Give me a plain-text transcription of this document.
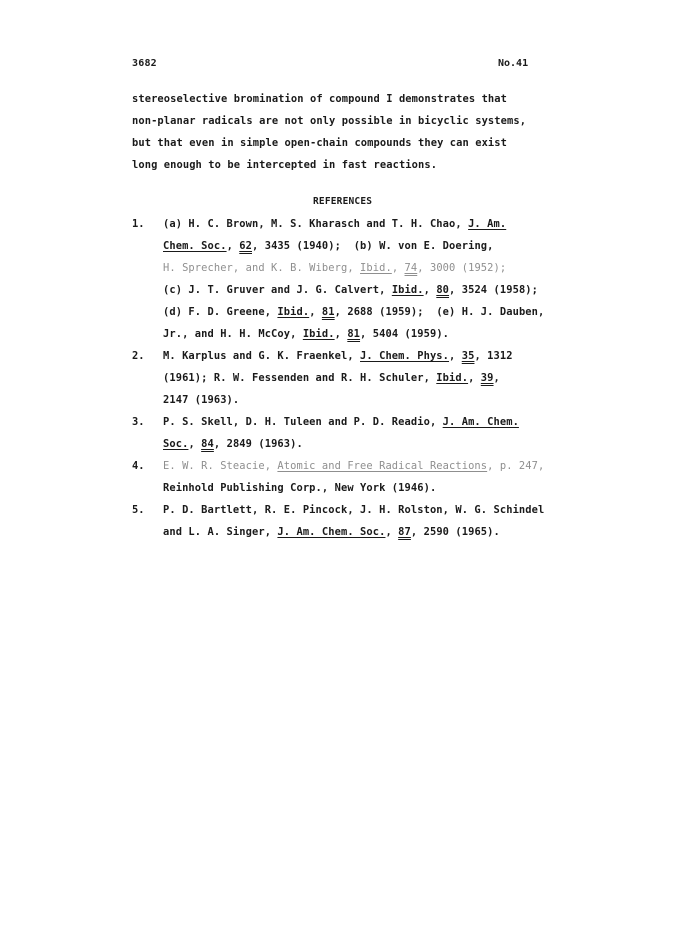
3682	No.41
stereoselective bromination of compound I demonstrates that
non-planar radicals are not only possible in bicyclic systems,
but that even in simple open-chain compounds they can exist
long enough to be intercepted in fast reactions.
REFERENCES
1. (a) H. C. Brown, M. S. Kharasch and T. H. Chao, J. Am.
Chem. Soc., 62, 3435 (1940);  (b) W. von E. Doering,
H. Sprecher, and K. B. Wiberg, Ibid., 74, 3000 (1952);
(c) J. T. Gruver and J. G. Calvert, Ibid., 80, 3524 (1958);
(d) F. D. Greene, Ibid., 81, 2688 (1959);  (e) H. J. Dauben,
Jr., and H. H. McCoy, Ibid., 81, 5404 (1959).
2. M. Karplus and G. K. Fraenkel, J. Chem. Phys., 35, 1312
(1961); R. W. Fessenden and R. H. Schuler, Ibid., 39,
2147 (1963).
3. P. S. Skell, D. H. Tuleen and P. D. Readio, J. Am. Chem.
Soc., 84, 2849 (1963).
4. E. W. R. Steacie, Atomic and Free Radical Reactions, p. 247,
Reinhold Publishing Corp., New York (1946).
5. P. D. Bartlett, R. E. Pincock, J. H. Rolston, W. G. Schindel
and L. A. Singer, J. Am. Chem. Soc., 87, 2590 (1965).
